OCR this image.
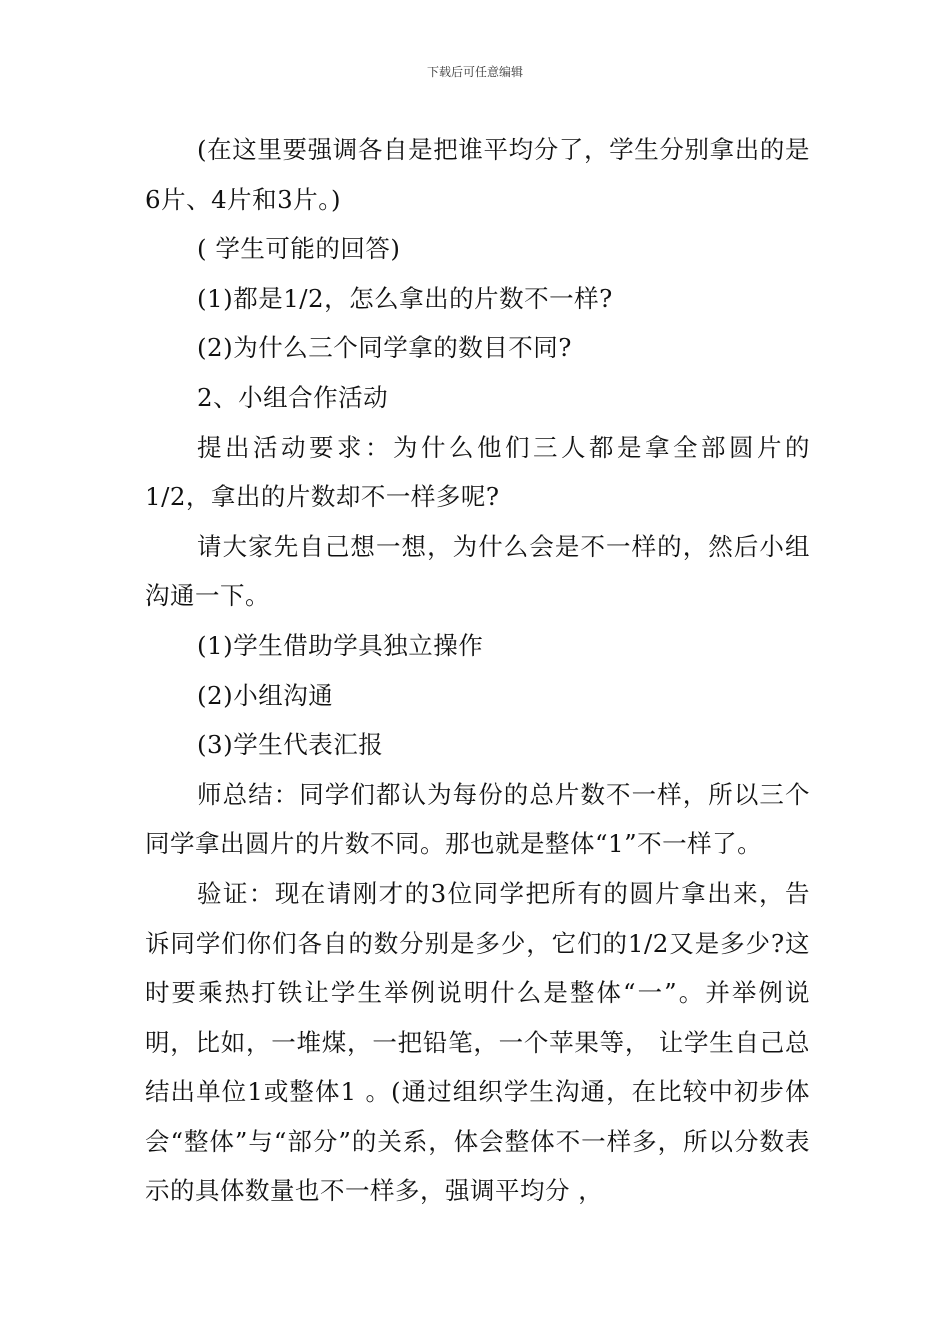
下载后可任意编辑

(在这里要强调各自是把谁平均分了，学生分别拿出的是6片、4片和3片。)

( 学生可能的回答)

(1)都是1/2，怎么拿出的片数不一样?

(2)为什么三个同学拿的数目不同?

2、小组合作活动

提出活动要求：为什么他们三人都是拿全部圆片的1/2，拿出的片数却不一样多呢?

请大家先自己想一想，为什么会是不一样的，然后小组沟通一下。

(1)学生借助学具独立操作

(2)小组沟通

(3)学生代表汇报

师总结：同学们都认为每份的总片数不一样，所以三个同学拿出圆片的片数不同。那也就是整体“1”不一样了。

验证：现在请刚才的3位同学把所有的圆片拿出来，告诉同学们你们各自的数分别是多少，它们的1/2又是多少?这时要乘热打铁让学生举例说明什么是整体“一”。并举例说明，比如，一堆煤，一把铅笔，一个苹果等， 让学生自己总结出单位1或整体1 。(通过组织学生沟通，在比较中初步体会“整体”与“部分”的关系，体会整体不一样多，所以分数表示的具体数量也不一样多，强调平均分 ，
